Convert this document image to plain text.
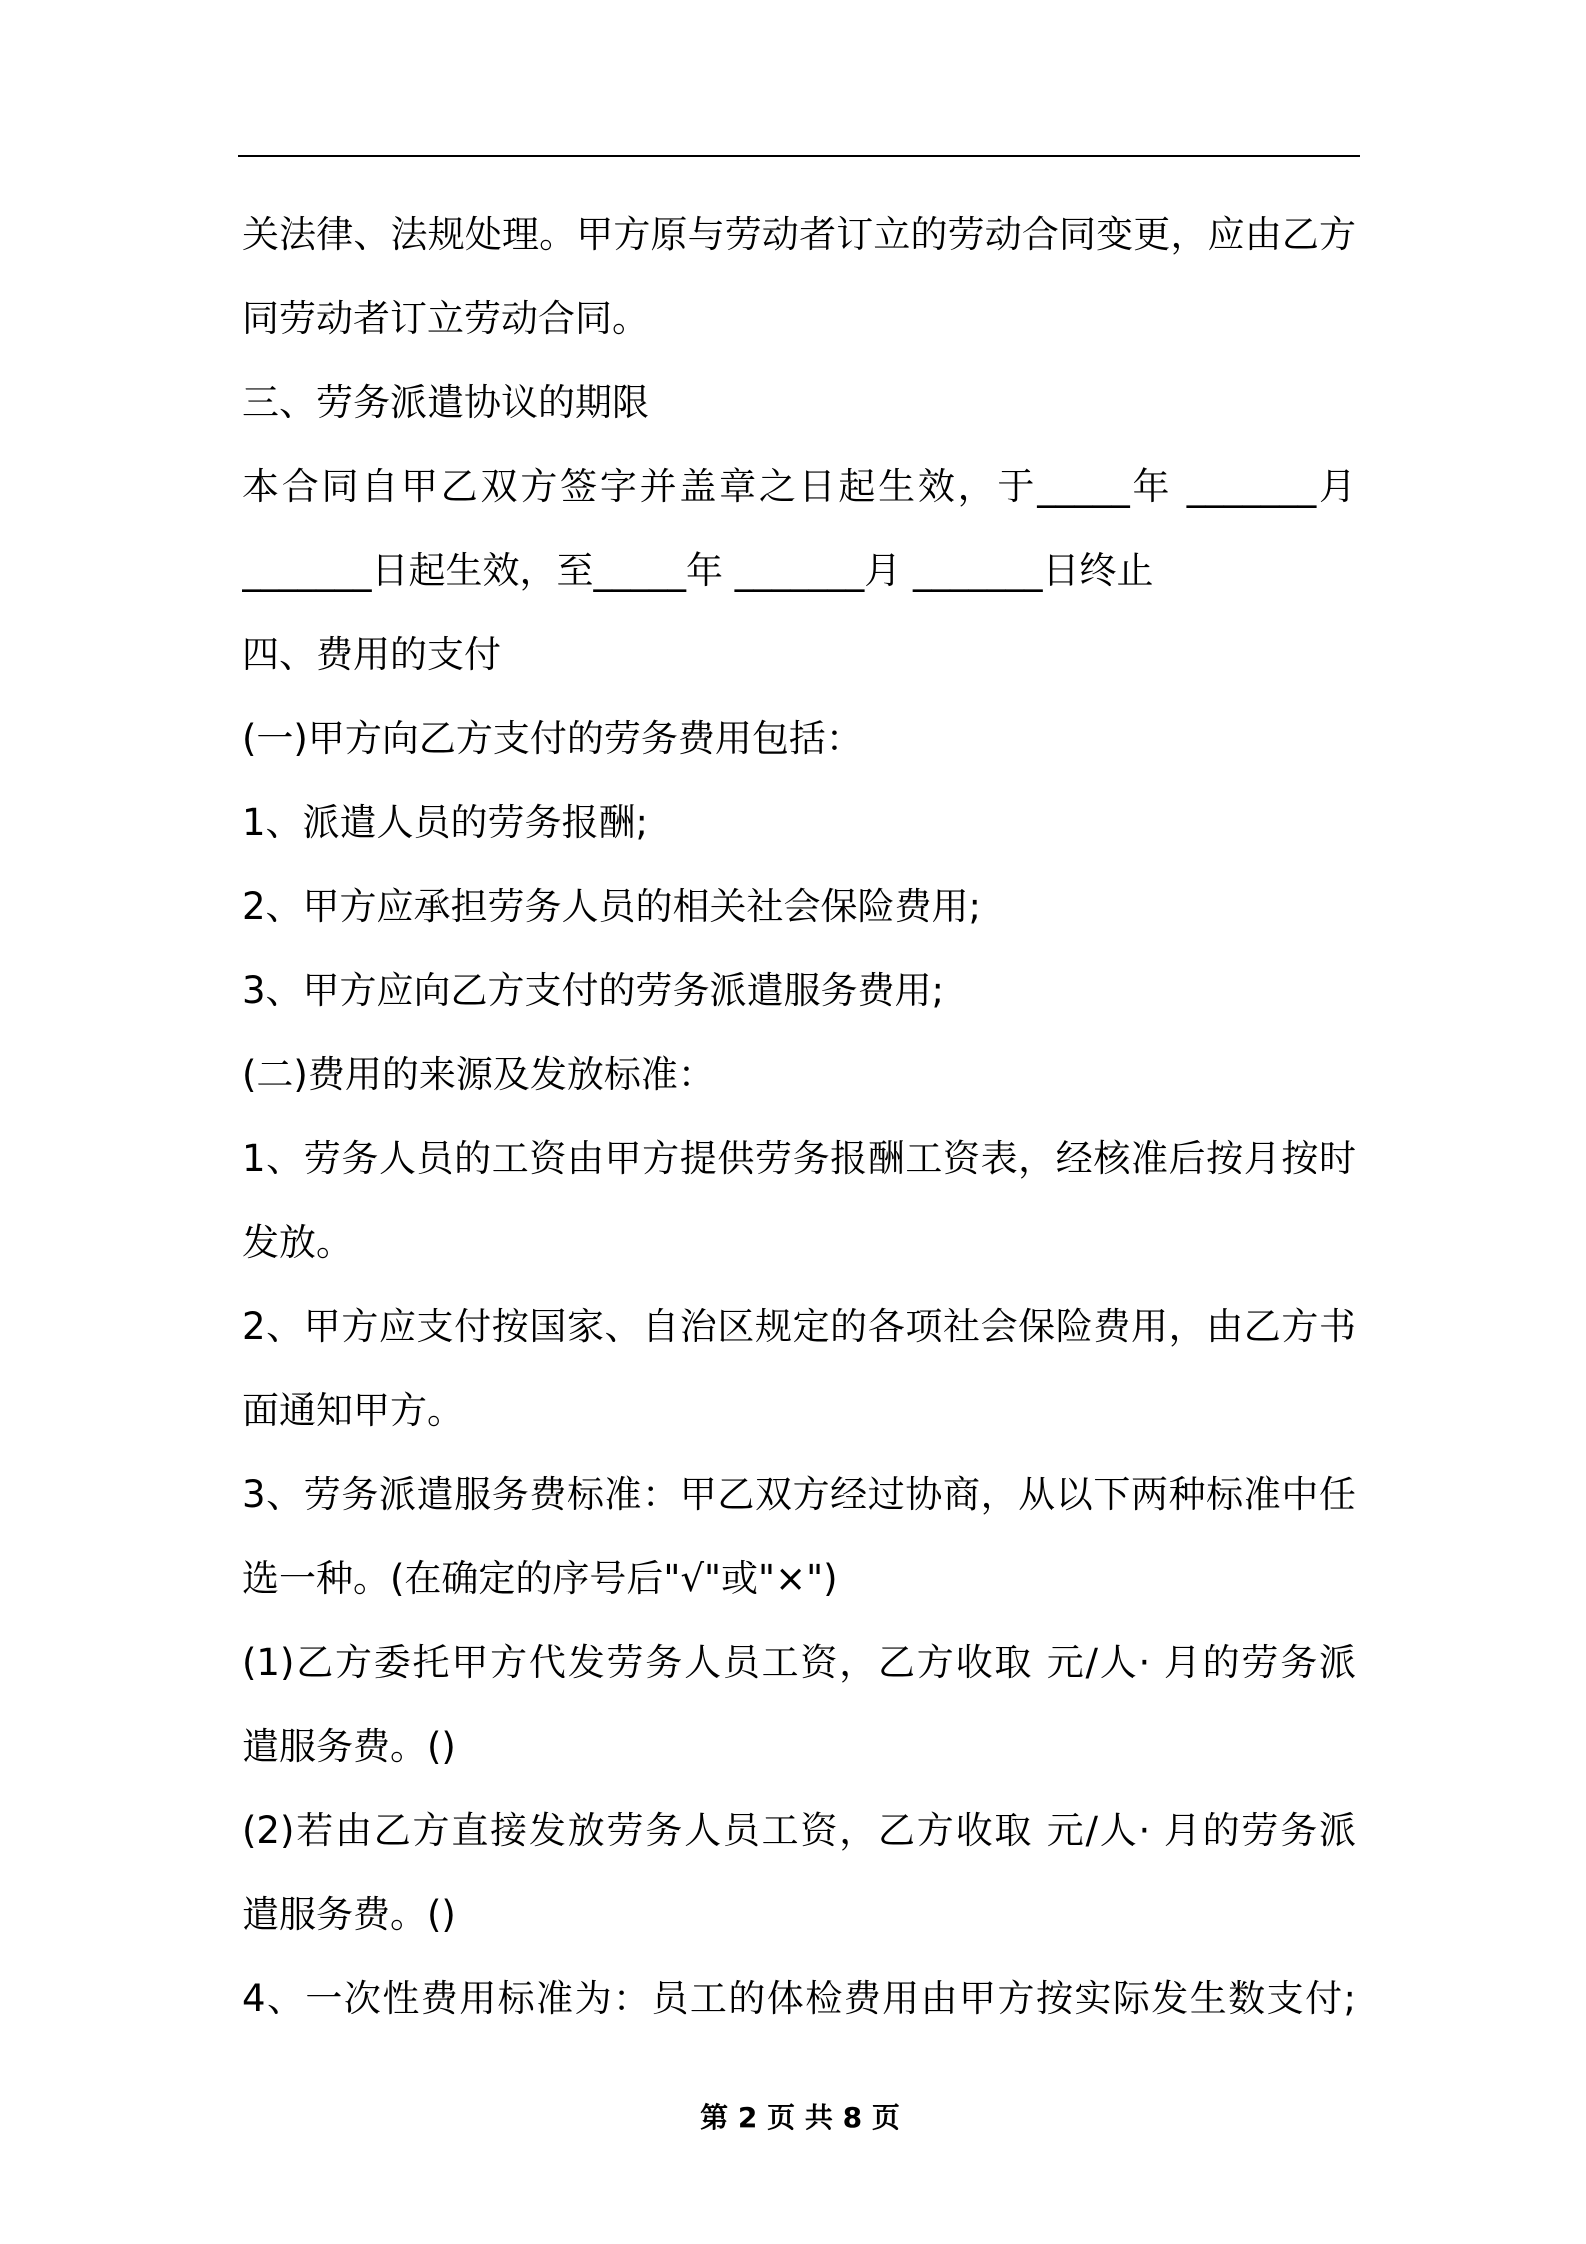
关法律、法规处理。甲方原与劳动者订立的劳动合同变更，应由乙方
同劳动者订立劳动合同。
三、劳务派遣协议的期限
本合同自甲乙双方签字并盖章之日起生效，于_____年 _______月
_______日起生效，至_____年 _______月 _______日终止
四、费用的支付
(一)甲方向乙方支付的劳务费用包括：
1、派遣人员的劳务报酬;
2、甲方应承担劳务人员的相关社会保险费用;
3、甲方应向乙方支付的劳务派遣服务费用;
(二)费用的来源及发放标准：
1、劳务人员的工资由甲方提供劳务报酬工资表，经核准后按月按时
发放。
2、甲方应支付按国家、自治区规定的各项社会保险费用，由乙方书
面通知甲方。
3、劳务派遣服务费标准：甲乙双方经过协商，从以下两种标准中任
选一种。(在确定的序号后"√"或"×")
(1)乙方委托甲方代发劳务人员工资，乙方收取 元/人· 月的劳务派
遣服务费。()
(2)若由乙方直接发放劳务人员工资，乙方收取 元/人· 月的劳务派
遣服务费。()
4、一次性费用标准为：员工的体检费用由甲方按实际发生数支付;
第 2 页 共 8 页
